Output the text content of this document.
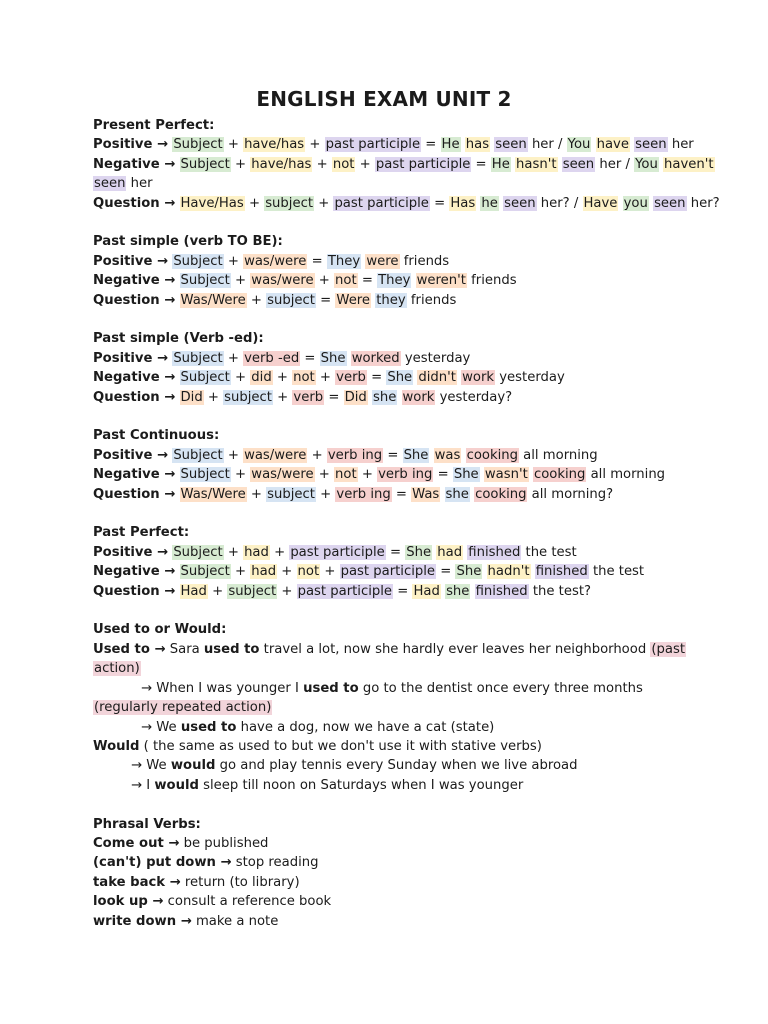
ENGLISH EXAM UNIT 2
Present Perfect:
Positive → Subject + have/has + past participle = He has seen her / You have seen her
Negative → Subject + have/has + not + past participle = He hasn't seen her / You haven't
seen her
Question → Have/Has + subject + past participle = Has he seen her? / Have you seen her?
Past simple (verb TO BE):
Positive → Subject + was/were = They were friends
Negative → Subject + was/were + not = They weren't friends
Question → Was/Were + subject = Were they friends
Past simple (Verb -ed):
Positive → Subject + verb -ed = She worked yesterday
Negative → Subject + did + not + verb = She didn't work yesterday
Question → Did + subject + verb = Did she work yesterday?
Past Continuous:
Positive → Subject + was/were + verb ing = She was cooking all morning
Negative → Subject + was/were + not + verb ing = She wasn't cooking all morning
Question → Was/Were + subject + verb ing = Was she cooking all morning?
Past Perfect:
Positive → Subject + had + past participle = She had finished the test
Negative → Subject + had + not + past participle = She hadn't finished the test
Question → Had + subject + past participle = Had she finished the test?
Used to or Would:
Used to → Sara used to travel a lot, now she hardly ever leaves her neighborhood (past
action)
→ When I was younger I used to go to the dentist once every three months
(regularly repeated action)
→ We used to have a dog, now we have a cat (state)
Would ( the same as used to but we don't use it with stative verbs)
→ We would go and play tennis every Sunday when we live abroad
→ I would sleep till noon on Saturdays when I was younger
Phrasal Verbs:
Come out → be published
(can't) put down → stop reading
take back → return (to library)
look up → consult a reference book
write down → make a note
